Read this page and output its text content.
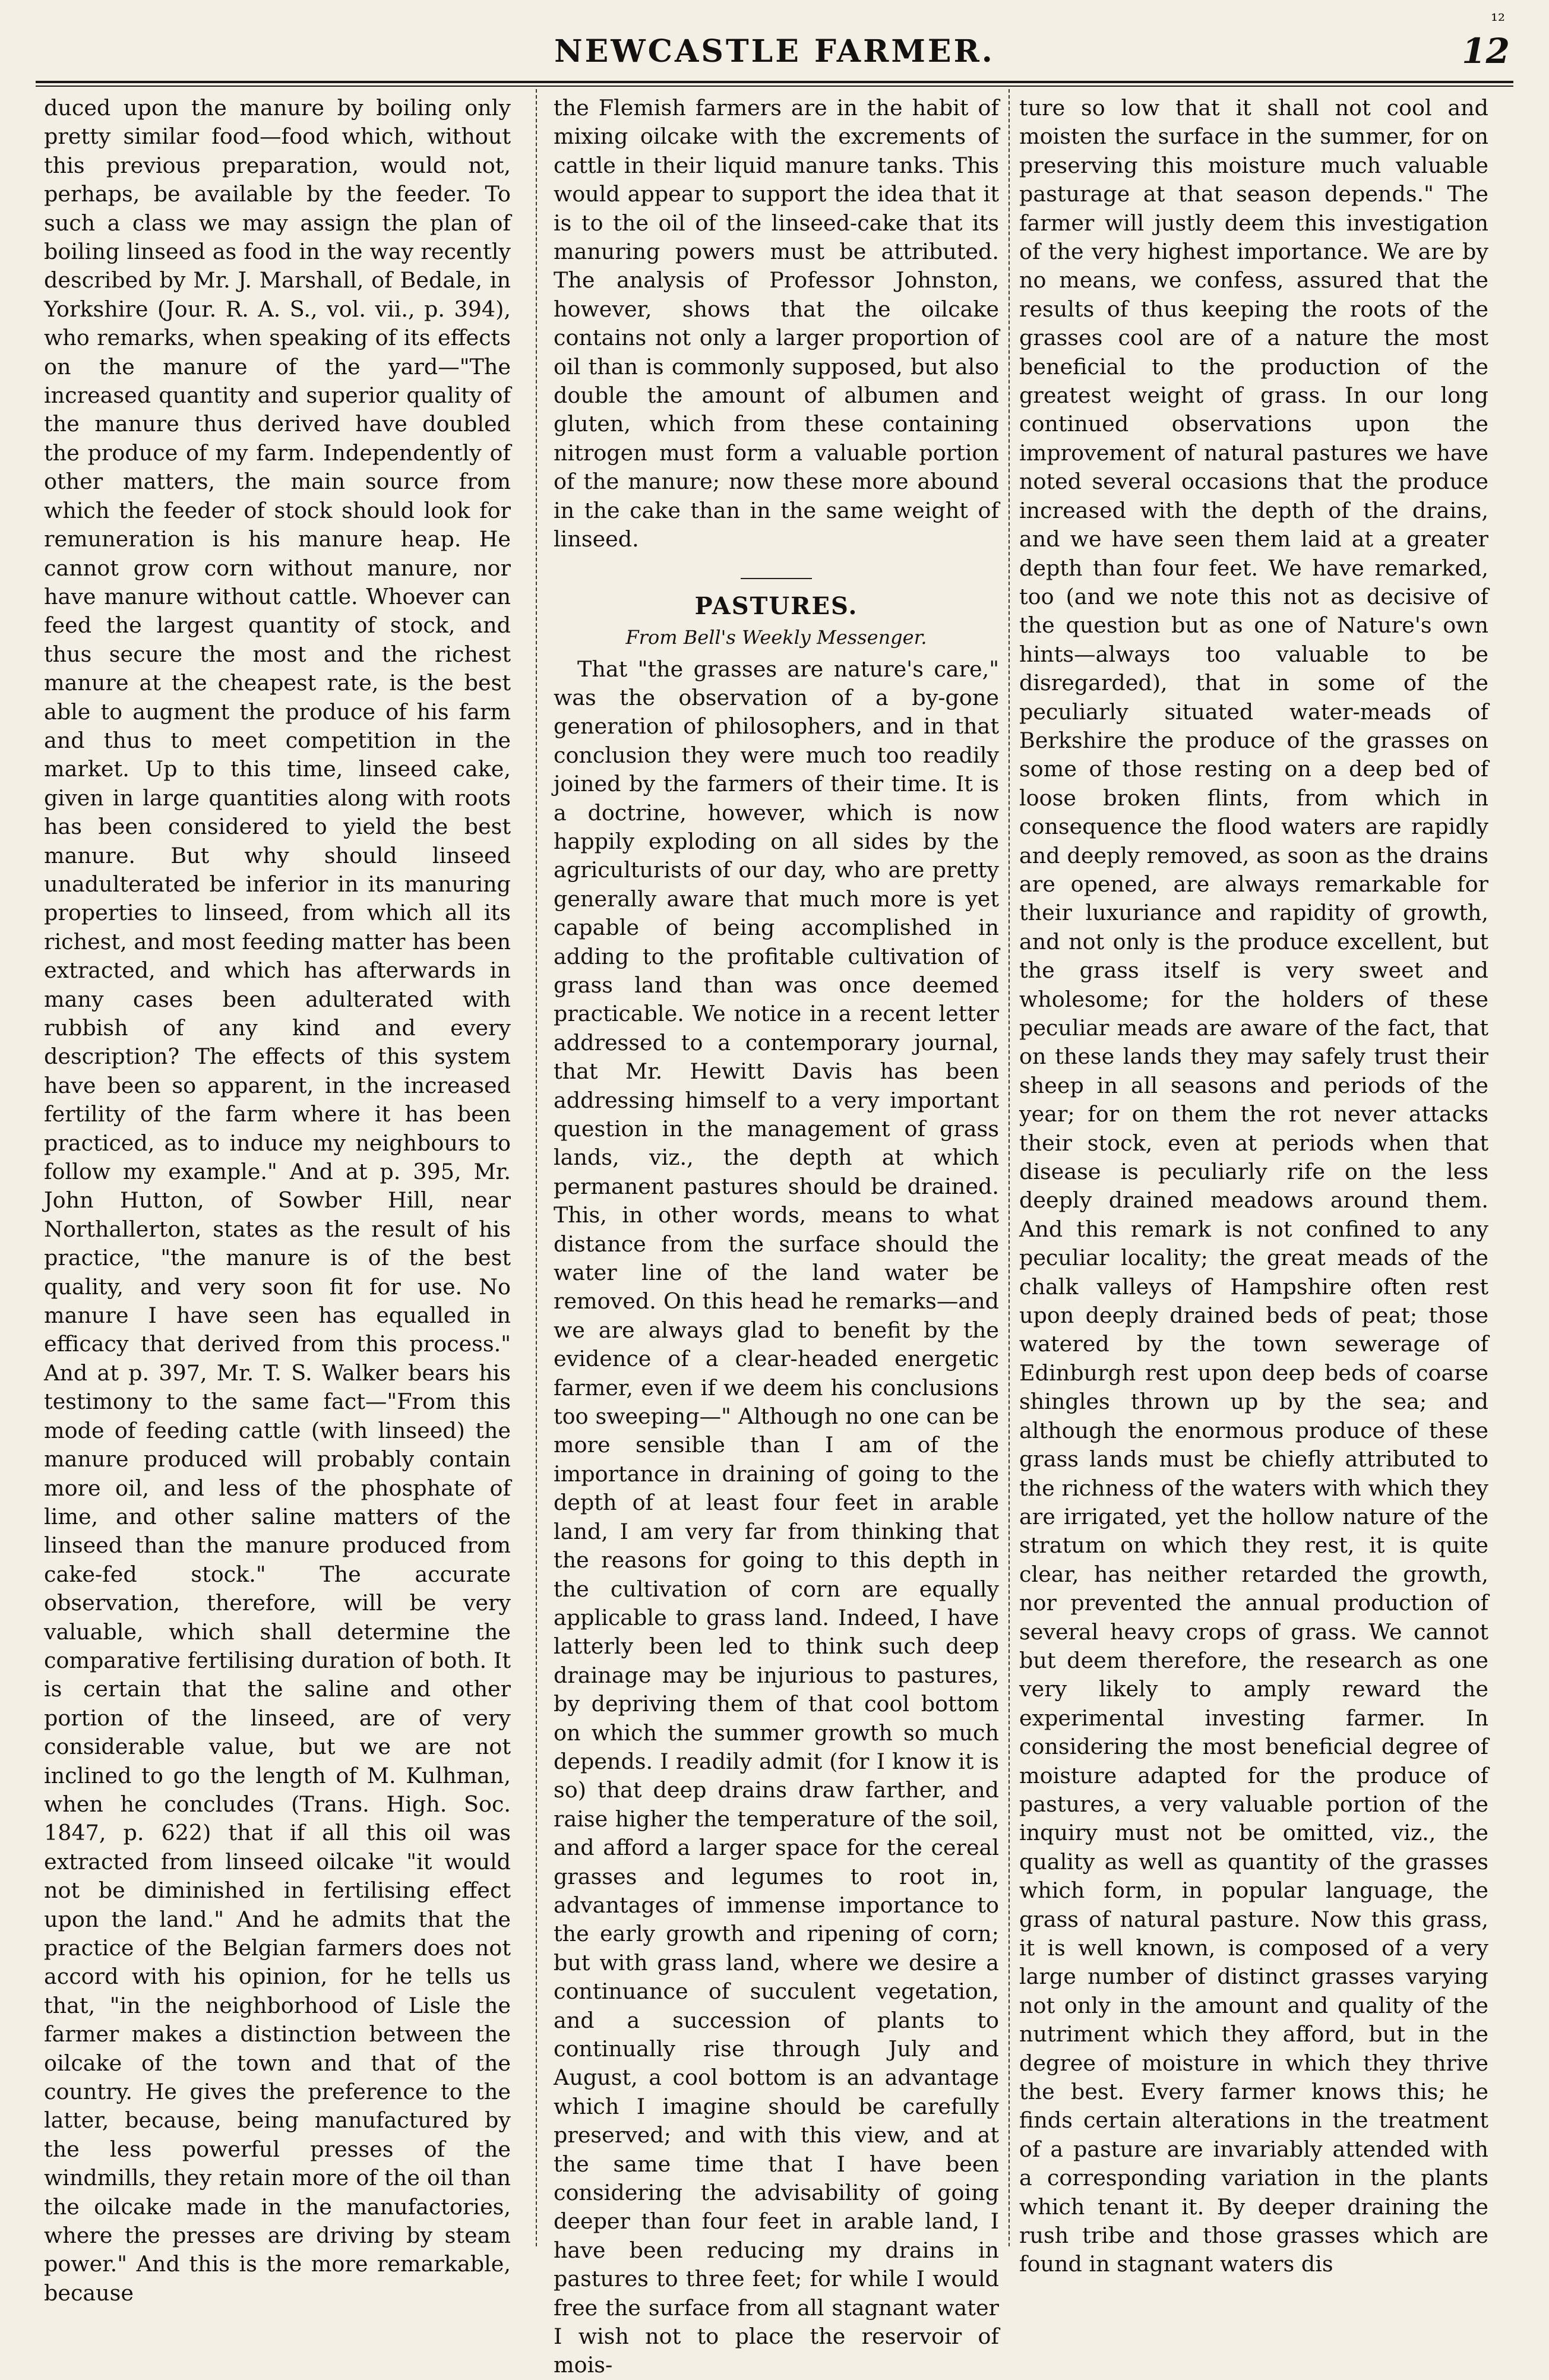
NEWCASTLE FARMER.	12
¹²

duced upon the manure by boiling only pretty similar food—food which, without this previous preparation, would not, perhaps, be available by the feeder. To such a class we may assign the plan of boiling linseed as food in the way recently described by Mr. J. Marshall, of Bedale, in Yorkshire (Jour. R. A. S., vol. vii., p. 394), who remarks, when speaking of its effects on the manure of the yard—"The increased quantity and superior quality of the manure thus derived have doubled the produce of my farm. Independently of other matters, the main source from which the feeder of stock should look for remuneration is his manure heap. He cannot grow corn without manure, nor have manure without cattle. Whoever can feed the largest quantity of stock, and thus secure the most and the richest manure at the cheapest rate, is the best able to augment the produce of his farm and thus to meet competition in the market. Up to this time, linseed cake, given in large quantities along with roots has been considered to yield the best manure. But why should linseed unadulterated be inferior in its manuring properties to linseed, from which all its richest, and most feeding matter has been extracted, and which has afterwards in many cases been adulterated with rubbish of any kind and every description? The effects of this system have been so apparent, in the increased fertility of the farm where it has been practiced, as to induce my neighbours to follow my example." And at p. 395, Mr. John Hutton, of Sowber Hill, near Northallerton, states as the result of his practice, "the manure is of the best quality, and very soon fit for use. No manure I have seen has equalled in efficacy that derived from this process." And at p. 397, Mr. T. S. Walker bears his testimony to the same fact—"From this mode of feeding cattle (with linseed) the manure produced will probably contain more oil, and less of the phosphate of lime, and other saline matters of the linseed than the manure produced from cake-fed stock." The accurate observation, therefore, will be very valuable, which shall determine the comparative fertilising duration of both. It is certain that the saline and other portion of the linseed, are of very considerable value, but we are not inclined to go the length of M. Kulhman, when he concludes (Trans. High. Soc. 1847, p. 622) that if all this oil was extracted from linseed oilcake "it would not be diminished in fertilising effect upon the land." And he admits that the practice of the Belgian farmers does not accord with his opinion, for he tells us that, "in the neighborhood of Lisle the farmer makes a distinction between the oilcake of the town and that of the country. He gives the preference to the latter, because, being manufactured by the less powerful presses of the windmills, they retain more of the oil than the oilcake made in the manufactories, where the presses are driving by steam power." And this is the more remarkable, because

the Flemish farmers are in the habit of mixing oilcake with the excrements of cattle in their liquid manure tanks. This would appear to support the idea that it is to the oil of the linseed-cake that its manuring powers must be attributed. The analysis of Professor Johnston, however, shows that the oilcake contains not only a larger proportion of oil than is commonly supposed, but also double the amount of albumen and gluten, which from these containing nitrogen must form a valuable portion of the manure; now these more abound in the cake than in the same weight of linseed.

PASTURES.
From Bell's Weekly Messenger.

That "the grasses are nature's care," was the observation of a by-gone generation of philosophers, and in that conclusion they were much too readily joined by the farmers of their time. It is a doctrine, however, which is now happily exploding on all sides by the agriculturists of our day, who are pretty generally aware that much more is yet capable of being accomplished in adding to the profitable cultivation of grass land than was once deemed practicable. We notice in a recent letter addressed to a contemporary journal, that Mr. Hewitt Davis has been addressing himself to a very important question in the management of grass lands, viz., the depth at which permanent pastures should be drained. This, in other words, means to what distance from the surface should the water line of the land water be removed. On this head he remarks—and we are always glad to benefit by the evidence of a clear-headed energetic farmer, even if we deem his conclusions too sweeping—" Although no one can be more sensible than I am of the importance in draining of going to the depth of at least four feet in arable land, I am very far from thinking that the reasons for going to this depth in the cultivation of corn are equally applicable to grass land. Indeed, I have latterly been led to think such deep drainage may be injurious to pastures, by depriving them of that cool bottom on which the summer growth so much depends. I readily admit (for I know it is so) that deep drains draw farther, and raise higher the temperature of the soil, and afford a larger space for the cereal grasses and legumes to root in, advantages of immense importance to the early growth and ripening of corn; but with grass land, where we desire a continuance of succulent vegetation, and a succession of plants to continually rise through July and August, a cool bottom is an advantage which I imagine should be carefully preserved; and with this view, and at the same time that I have been considering the advisability of going deeper than four feet in arable land, I have been reducing my drains in pastures to three feet; for while I would free the surface from all stagnant water I wish not to place the reservoir of mois-

ture so low that it shall not cool and moisten the surface in the summer, for on preserving this moisture much valuable pasturage at that season depends." The farmer will justly deem this investigation of the very highest importance. We are by no means, we confess, assured that the results of thus keeping the roots of the grasses cool are of a nature the most beneficial to the production of the greatest weight of grass. In our long continued observations upon the improvement of natural pastures we have noted several occasions that the produce increased with the depth of the drains, and we have seen them laid at a greater depth than four feet. We have remarked, too (and we note this not as decisive of the question but as one of Nature's own hints—always too valuable to be disregarded), that in some of the peculiarly situated water-meads of Berkshire the produce of the grasses on some of those resting on a deep bed of loose broken flints, from which in consequence the flood waters are rapidly and deeply removed, as soon as the drains are opened, are always remarkable for their luxuriance and rapidity of growth, and not only is the produce excellent, but the grass itself is very sweet and wholesome; for the holders of these peculiar meads are aware of the fact, that on these lands they may safely trust their sheep in all seasons and periods of the year; for on them the rot never attacks their stock, even at periods when that disease is peculiarly rife on the less deeply drained meadows around them. And this remark is not confined to any peculiar locality; the great meads of the chalk valleys of Hampshire often rest upon deeply drained beds of peat; those watered by the town sewerage of Edinburgh rest upon deep beds of coarse shingles thrown up by the sea; and although the enormous produce of these grass lands must be chiefly attributed to the richness of the waters with which they are irrigated, yet the hollow nature of the stratum on which they rest, it is quite clear, has neither retarded the growth, nor prevented the annual production of several heavy crops of grass. We cannot but deem therefore, the research as one very likely to amply reward the experimental investing farmer. In considering the most beneficial degree of moisture adapted for the produce of pastures, a very valuable portion of the inquiry must not be omitted, viz., the quality as well as quantity of the grasses which form, in popular language, the grass of natural pasture. Now this grass, it is well known, is composed of a very large number of distinct grasses varying not only in the amount and quality of the nutriment which they afford, but in the degree of moisture in which they thrive the best. Every farmer knows this; he finds certain alterations in the treatment of a pasture are invariably attended with a corresponding variation in the plants which tenant it. By deeper draining the rush tribe and those grasses which are found in stagnant waters dis
